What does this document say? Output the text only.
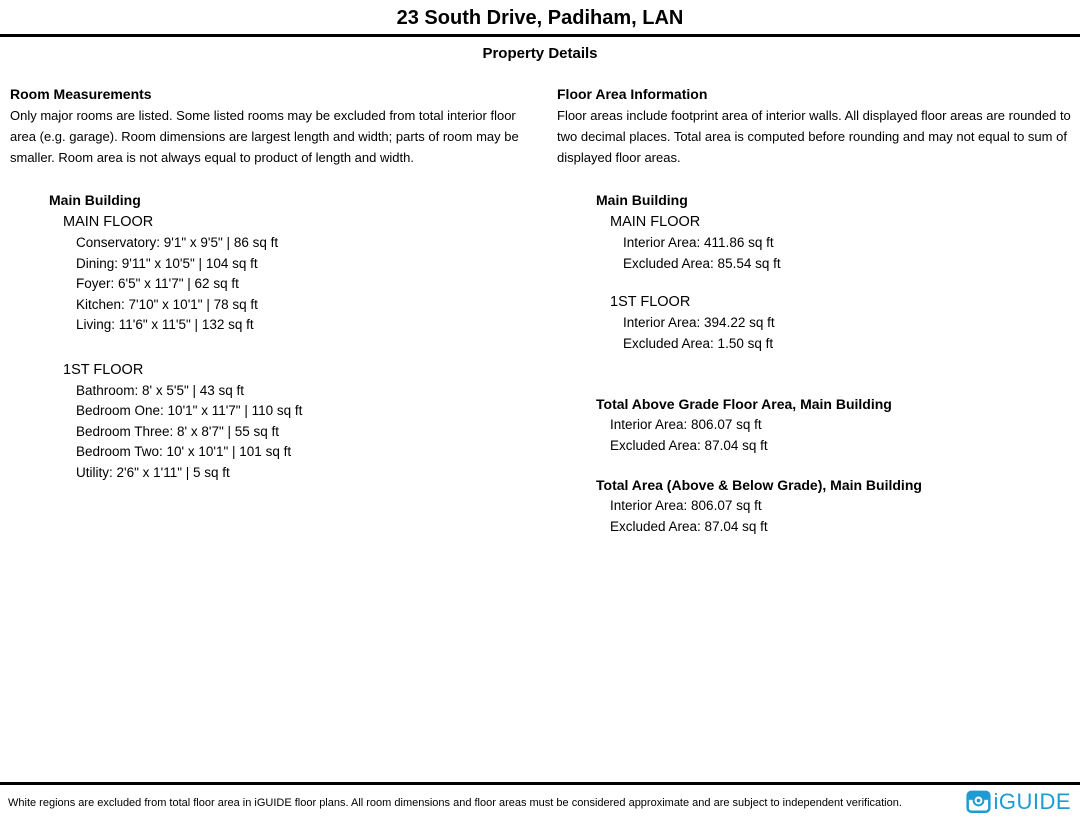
23 South Drive, Padiham, LAN
Property Details
Room Measurements

Only major rooms are listed. Some listed rooms may be excluded from total interior floor area (e.g. garage). Room dimensions are largest length and width; parts of room may be smaller. Room area is not always equal to product of length and width.

Main Building
MAIN FLOOR
Conservatory: 9'1" x 9'5" | 86 sq ft
Dining: 9'11" x 10'5" | 104 sq ft
Foyer: 6'5" x 11'7" | 62 sq ft
Kitchen: 7'10" x 10'1" | 78 sq ft
Living: 11'6" x 11'5" | 132 sq ft
1ST FLOOR
Bathroom: 8' x 5'5" | 43 sq ft
Bedroom One: 10'1" x 11'7" | 110 sq ft
Bedroom Three: 8' x 8'7" | 55 sq ft
Bedroom Two: 10' x 10'1" | 101 sq ft
Utility: 2'6" x 1'11" | 5 sq ft
Floor Area Information

Floor areas include footprint area of interior walls. All displayed floor areas are rounded to two decimal places. Total area is computed before rounding and may not equal to sum of displayed floor areas.

Main Building
MAIN FLOOR
Interior Area: 411.86 sq ft
Excluded Area: 85.54 sq ft
1ST FLOOR
Interior Area: 394.22 sq ft
Excluded Area: 1.50 sq ft
Total Above Grade Floor Area, Main Building
Interior Area: 806.07 sq ft
Excluded Area: 87.04 sq ft
Total Area (Above & Below Grade), Main Building
Interior Area: 806.07 sq ft
Excluded Area: 87.04 sq ft
White regions are excluded from total floor area in iGUIDE floor plans. All room dimensions and floor areas must be considered approximate and are subject to independent verification.	iGUIDE
